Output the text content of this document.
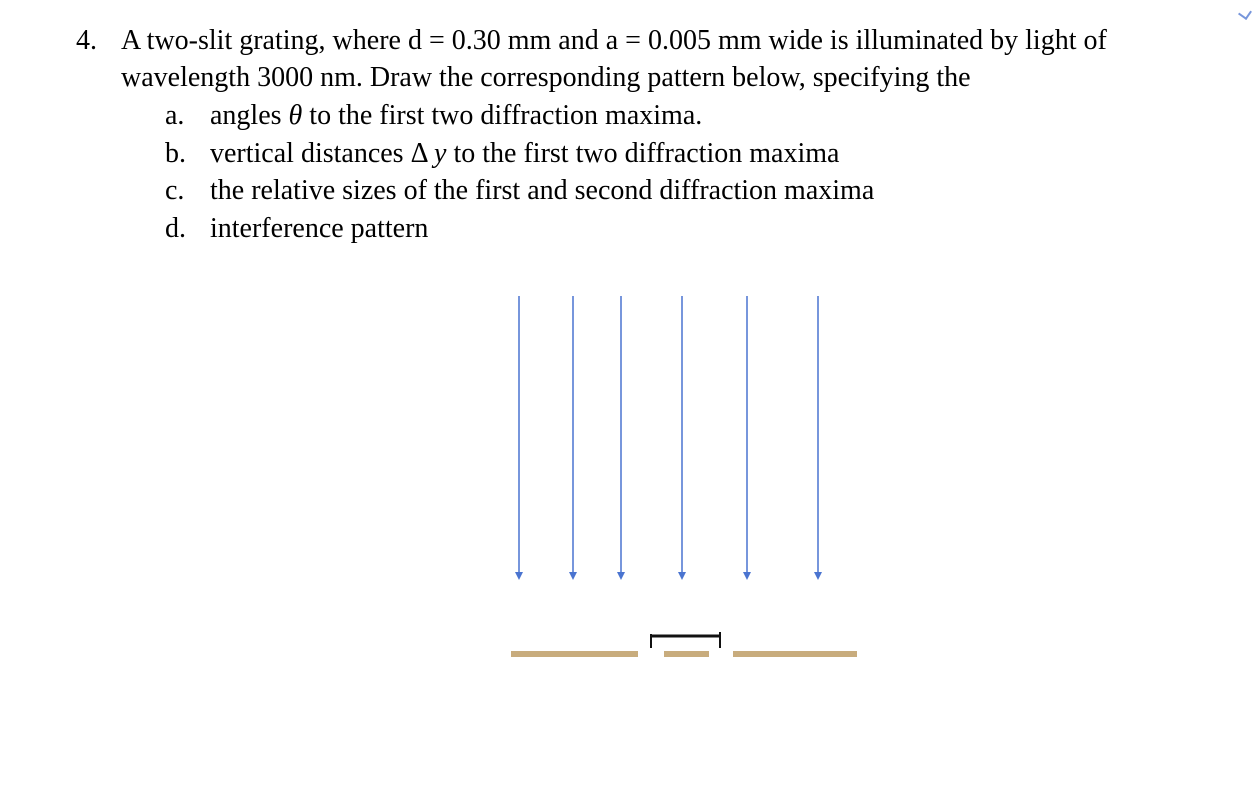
4. A two-slit grating, where d = 0.30 mm and a = 0.005 mm wide is illuminated by light of
wavelength 3000 nm. Draw the corresponding pattern below, specifying the
a. angles θ to the first two diffraction maxima.
b. vertical distances Δ y to the first two diffraction maxima
c. the relative sizes of the first and second diffraction maxima
d. interference pattern
